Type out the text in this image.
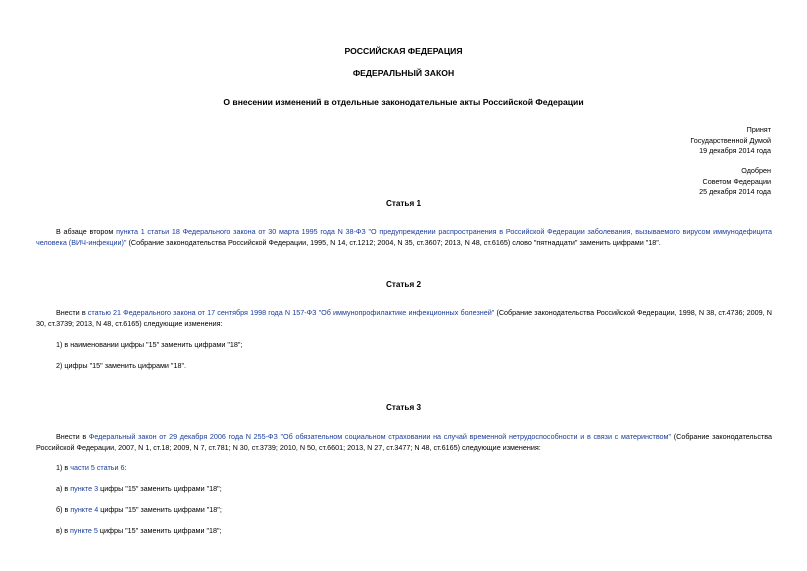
РОССИЙСКАЯ ФЕДЕРАЦИЯ
ФЕДЕРАЛЬНЫЙ ЗАКОН
О внесении изменений в отдельные законодательные акты Российской Федерации
Принят
Государственной Думой
19 декабря 2014 года
Одобрен
Советом Федерации
25 декабря 2014 года
Статья 1
В абзаце втором пункта 1 статьи 18 Федерального закона от 30 марта 1995 года N 38-ФЗ "О предупреждении распространения в Российской Федерации заболевания, вызываемого вирусом иммунодефицита человека (ВИЧ-инфекции)" (Собрание законодательства Российской Федерации, 1995, N 14, ст.1212; 2004, N 35, ст.3607; 2013, N 48, ст.6165) слово "пятнадцати" заменить цифрами "18".
Статья 2
Внести в статью 21 Федерального закона от 17 сентября 1998 года N 157-ФЗ "Об иммунопрофилактике инфекционных болезней" (Собрание законодательства Российской Федерации, 1998, N 38, ст.4736; 2009, N 30, ст.3739; 2013, N 48, ст.6165) следующие изменения:
1) в наименовании цифры "15" заменить цифрами "18";
2) цифры "15" заменить цифрами "18".
Статья 3
Внести в Федеральный закон от 29 декабря 2006 года N 255-ФЗ "Об обязательном социальном страховании на случай временной нетрудоспособности и в связи с материнством" (Собрание законодательства Российской Федерации, 2007, N 1, ст.18; 2009, N 7, ст.781; N 30, ст.3739; 2010, N 50, ст.6601; 2013, N 27, ст.3477; N 48, ст.6165) следующие изменения:
1) в части 5 статьи 6:
а) в пункте 3 цифры "15" заменить цифрами "18";
б) в пункте 4 цифры "15" заменить цифрами "18";
в) в пункте 5 цифры "15" заменить цифрами "18";
